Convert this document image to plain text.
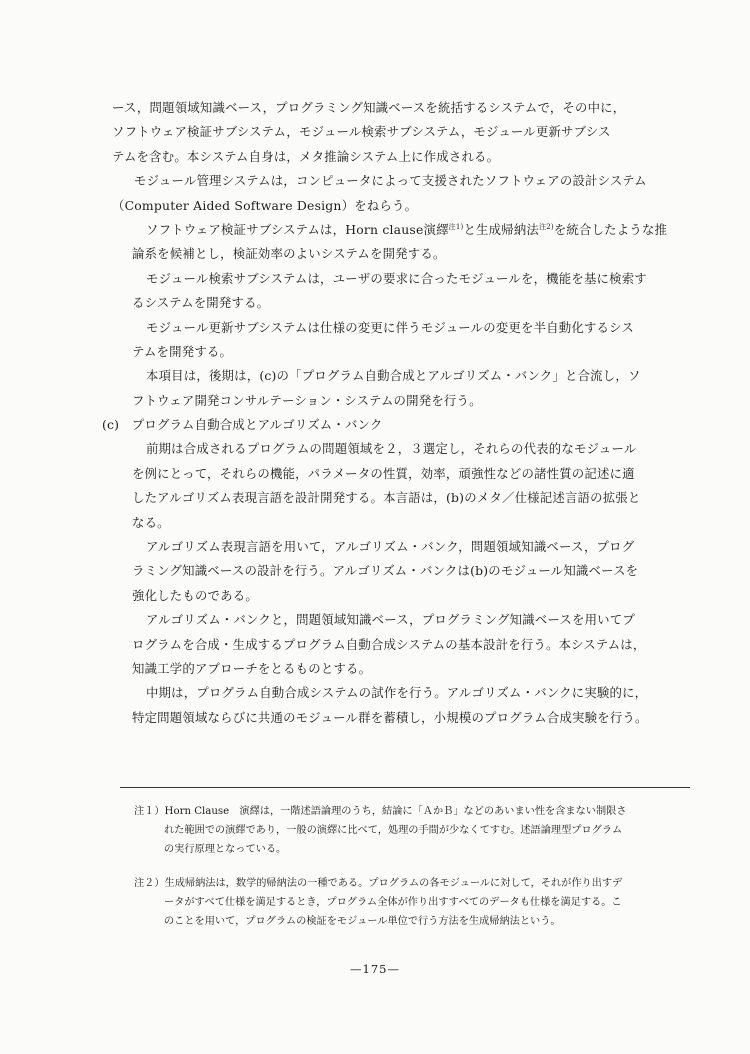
ース，問題領域知識ベース，プログラミング知識ベースを統括するシステムで，その中に，
ソフトウェア検証サブシステム，モジュール検索サブシステム，モジュール更新サブシス
テムを含む。本システム自身は，メタ推論システム上に作成される。
モジュール管理システムは，コンピュータによって支援されたソフトウェアの設計システム
（Computer Aided Software Design）をねらう。
ソフトウェア検証サブシステムは，Horn clause演繹$^{注1)}$と生成帰納法$^{注2)}$を統合したような推
論系を候補とし，検証効率のよいシステムを開発する。
モジュール検索サブシステムは，ユーザの要求に合ったモジュールを，機能を基に検索す
るシステムを開発する。
モジュール更新サブシステムは仕様の変更に伴うモジュールの変更を半自動化するシス
テムを開発する。
本項目は，後期は，(c)の「プログラム自動合成とアルゴリズム・バンク」と合流し，ソ
フトウェア開発コンサルテーション・システムの開発を行う。
(c)　プログラム自動合成とアルゴリズム・バンク
前期は合成されるプログラムの問題領域を２，３選定し，それらの代表的なモジュール
を例にとって，それらの機能，パラメータの性質，効率，頑強性などの諸性質の記述に適
したアルゴリズム表現言語を設計開発する。本言語は，(b)のメタ／仕様記述言語の拡張と
なる。
アルゴリズム表現言語を用いて，アルゴリズム・バンク，問題領域知識ベース，プログ
ラミング知識ベースの設計を行う。アルゴリズム・バンクは(b)のモジュール知識ベースを
強化したものである。
アルゴリズム・バンクと，問題領域知識ベース，プログラミング知識ベースを用いてプ
ログラムを合成・生成するプログラム自動合成システムの基本設計を行う。本システムは，
知識工学的アプローチをとるものとする。
中期は，プログラム自動合成システムの試作を行う。アルゴリズム・バンクに実験的に，
特定問題領域ならびに共通のモジュール群を蓄積し，小規模のプログラム合成実験を行う。
注１）Horn Clause　演繹は，一階述語論理のうち，結論に「ＡかＢ」などのあいまい性を含まない制限さ
れた範囲での演繹であり，一般の演繹に比べて，処理の手間が少なくてすむ。述語論理型プログラム
の実行原理となっている。
注２）生成帰納法は，数学的帰納法の一種である。プログラムの各モジュールに対して，それが作り出すデ
ータがすべて仕様を満足するとき，プログラム全体が作り出すすべてのデータも仕様を満足する。こ
のことを用いて，プログラムの検証をモジュール単位で行う方法を生成帰納法という。
—175—
